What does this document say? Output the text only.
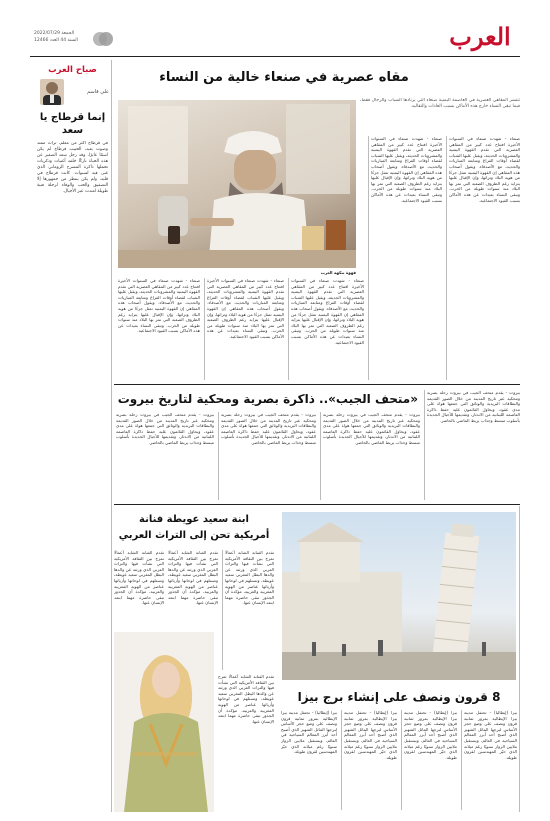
العرب
الجمعة 2022/07/29
السنة 44 العدد 12466
صباح العرب
علي قاسم
إنما قرطاج يا سعد
في قرطاج أكثر من معلم، تراث ممتد وصوت بعيد، الحبيب قرطاج لم يكن اسمًا عابرًا، وقد رحل سعد الصغير عن هذه الحياة تاركًا خلفه أغنيات وذكريات تحملها ذاكرة المسرح الروماني الذي غنى فيه لسنوات. كانت قرطاج في قلبه، ولم يكن ينتظر من جمهورها إلا التصفيق والحب والوفاء لرحلة فنية طويلة امتدت عبر الأجيال.
مقاه عصرية في صنعاء خالية من النساء
تنتشر المقاهي العصرية في العاصمة اليمنية صنعاء التي يرتادها الشباب والرجال فقط، فيما تبقى النساء خارج هذه الأماكن بسبب العادات والتقاليد.
قهوة بنكهة العرب
صنعاء - شهدت صنعاء في السنوات الأخيرة افتتاح عدد كبير من المقاهي العصرية التي تقدم القهوة اليمنية والمشروبات الحديثة، ويقبل عليها الشباب لقضاء أوقات الفراغ ومتابعة المباريات والحديث مع الأصدقاء. ويقول أصحاب هذه المقاهي إن القهوة اليمنية تمثل جزءًا من هوية البلاد وتراثها، وإن الإقبال عليها يتزايد رغم الظروف الصعبة التي تمر بها البلاد منذ سنوات طويلة من الحرب. وتبقى النساء بعيدات عن هذه الأماكن بسبب القيود الاجتماعية.
صنعاء - شهدت صنعاء في السنوات الأخيرة افتتاح عدد كبير من المقاهي العصرية التي تقدم القهوة اليمنية والمشروبات الحديثة، ويقبل عليها الشباب لقضاء أوقات الفراغ ومتابعة المباريات والحديث مع الأصدقاء. ويقول أصحاب هذه المقاهي إن القهوة اليمنية تمثل جزءًا من هوية البلاد وتراثها، وإن الإقبال عليها يتزايد رغم الظروف الصعبة التي تمر بها البلاد منذ سنوات طويلة من الحرب. وتبقى النساء بعيدات عن هذه الأماكن بسبب القيود الاجتماعية.
صنعاء - شهدت صنعاء في السنوات الأخيرة افتتاح عدد كبير من المقاهي العصرية التي تقدم القهوة اليمنية والمشروبات الحديثة، ويقبل عليها الشباب لقضاء أوقات الفراغ ومتابعة المباريات والحديث مع الأصدقاء. ويقول أصحاب هذه المقاهي إن القهوة اليمنية تمثل جزءًا من هوية البلاد وتراثها، وإن الإقبال عليها يتزايد رغم الظروف الصعبة التي تمر بها البلاد منذ سنوات طويلة من الحرب. وتبقى النساء بعيدات عن هذه الأماكن بسبب القيود الاجتماعية.
صنعاء - شهدت صنعاء في السنوات الأخيرة افتتاح عدد كبير من المقاهي العصرية التي تقدم القهوة اليمنية والمشروبات الحديثة، ويقبل عليها الشباب لقضاء أوقات الفراغ ومتابعة المباريات والحديث مع الأصدقاء. ويقول أصحاب هذه المقاهي إن القهوة اليمنية تمثل جزءًا من هوية البلاد وتراثها، وإن الإقبال عليها يتزايد رغم الظروف الصعبة التي تمر بها البلاد منذ سنوات طويلة من الحرب. وتبقى النساء بعيدات عن هذه الأماكن بسبب القيود الاجتماعية.
صنعاء - شهدت صنعاء في السنوات الأخيرة افتتاح عدد كبير من المقاهي العصرية التي تقدم القهوة اليمنية والمشروبات الحديثة، ويقبل عليها الشباب لقضاء أوقات الفراغ ومتابعة المباريات والحديث مع الأصدقاء. ويقول أصحاب هذه المقاهي إن القهوة اليمنية تمثل جزءًا من هوية البلاد وتراثها، وإن الإقبال عليها يتزايد رغم الظروف الصعبة التي تمر بها البلاد منذ سنوات طويلة من الحرب. وتبقى النساء بعيدات عن هذه الأماكن بسبب القيود الاجتماعية.
«متحف الجيب».. ذاكرة بصرية ومحكية لتاريخ بيروت	بيروت - يقدم متحف الجيب في بيروت رحلة بصرية ومحكية عبر تاريخ المدينة من خلال الصور القديمة والبطاقات البريدية والوثائق التي جمعها هواة على مدى عقود، ويحاول القائمون عليه حفظ ذاكرة العاصمة اللبنانية من الاندثار، وتقديمها للأجيال الجديدة بأسلوب مبسط وجذاب يربط الماضي بالحاضر.
بيروت - يقدم متحف الجيب في بيروت رحلة بصرية ومحكية عبر تاريخ المدينة من خلال الصور القديمة والبطاقات البريدية والوثائق التي جمعها هواة على مدى عقود، ويحاول القائمون عليه حفظ ذاكرة العاصمة اللبنانية من الاندثار، وتقديمها للأجيال الجديدة بأسلوب مبسط وجذاب يربط الماضي بالحاضر.
بيروت - يقدم متحف الجيب في بيروت رحلة بصرية ومحكية عبر تاريخ المدينة من خلال الصور القديمة والبطاقات البريدية والوثائق التي جمعها هواة على مدى عقود، ويحاول القائمون عليه حفظ ذاكرة العاصمة اللبنانية من الاندثار، وتقديمها للأجيال الجديدة بأسلوب مبسط وجذاب يربط الماضي بالحاضر.
بيروت - يقدم متحف الجيب في بيروت رحلة بصرية ومحكية عبر تاريخ المدينة من خلال الصور القديمة والبطاقات البريدية والوثائق التي جمعها هواة على مدى عقود، ويحاول القائمون عليه حفظ ذاكرة العاصمة اللبنانية من الاندثار، وتقديمها للأجيال الجديدة بأسلوب مبسط وجذاب يربط الماضي بالحاضر.
ابنة سعيد عويطة فنانة
أمريكية تحن إلى التراث العربي
تقدم الفنانة الشابة أعمالًا تمزج بين الثقافة الأمريكية التي نشأت فيها والتراث العربي الذي ورثته عن والدها البطل المغربي سعيد عويطة، وتستلهم في لوحاتها وأزيائها عناصر من الهوية المغربية والعربية، مؤكدة أن الجذور تبقى حاضرة مهما ابتعد الإنسان عنها.
تقدم الفنانة الشابة أعمالًا تمزج بين الثقافة الأمريكية التي نشأت فيها والتراث العربي الذي ورثته عن والدها البطل المغربي سعيد عويطة، وتستلهم في لوحاتها وأزيائها عناصر من الهوية المغربية والعربية، مؤكدة أن الجذور تبقى حاضرة مهما ابتعد الإنسان عنها.
تقدم الفنانة الشابة أعمالًا تمزج بين الثقافة الأمريكية التي نشأت فيها والتراث العربي الذي ورثته عن والدها البطل المغربي سعيد عويطة، وتستلهم في لوحاتها وأزيائها عناصر من الهوية المغربية والعربية، مؤكدة أن الجذور تبقى حاضرة مهما ابتعد الإنسان عنها.
تقدم الفنانة الشابة أعمالًا تمزج بين الثقافة الأمريكية التي نشأت فيها والتراث العربي الذي ورثته عن والدها البطل المغربي سعيد عويطة، وتستلهم في لوحاتها وأزيائها عناصر من الهوية المغربية والعربية، مؤكدة أن الجذور تبقى حاضرة مهما ابتعد الإنسان عنها.
8 قرون ونصف على إنشاء برج بيزا
بيزا (إيطاليا) - تحتفل مدينة بيزا الإيطالية بمرور ثمانية قرون ونصف على وضع حجر الأساس لبرجها المائل الشهير الذي أصبح أحد أبرز المعالم السياحية في العالم، ويستقبل ملايين الزوار سنويًا رغم ميلانه الذي حيّر المهندسين لقرون طويلة.
بيزا (إيطاليا) - تحتفل مدينة بيزا الإيطالية بمرور ثمانية قرون ونصف على وضع حجر الأساس لبرجها المائل الشهير الذي أصبح أحد أبرز المعالم السياحية في العالم، ويستقبل ملايين الزوار سنويًا رغم ميلانه الذي حيّر المهندسين لقرون طويلة.
بيزا (إيطاليا) - تحتفل مدينة بيزا الإيطالية بمرور ثمانية قرون ونصف على وضع حجر الأساس لبرجها المائل الشهير الذي أصبح أحد أبرز المعالم السياحية في العالم، ويستقبل ملايين الزوار سنويًا رغم ميلانه الذي حيّر المهندسين لقرون طويلة.
بيزا (إيطاليا) - تحتفل مدينة بيزا الإيطالية بمرور ثمانية قرون ونصف على وضع حجر الأساس لبرجها المائل الشهير الذي أصبح أحد أبرز المعالم السياحية في العالم، ويستقبل ملايين الزوار سنويًا رغم ميلانه الذي حيّر المهندسين لقرون طويلة.
